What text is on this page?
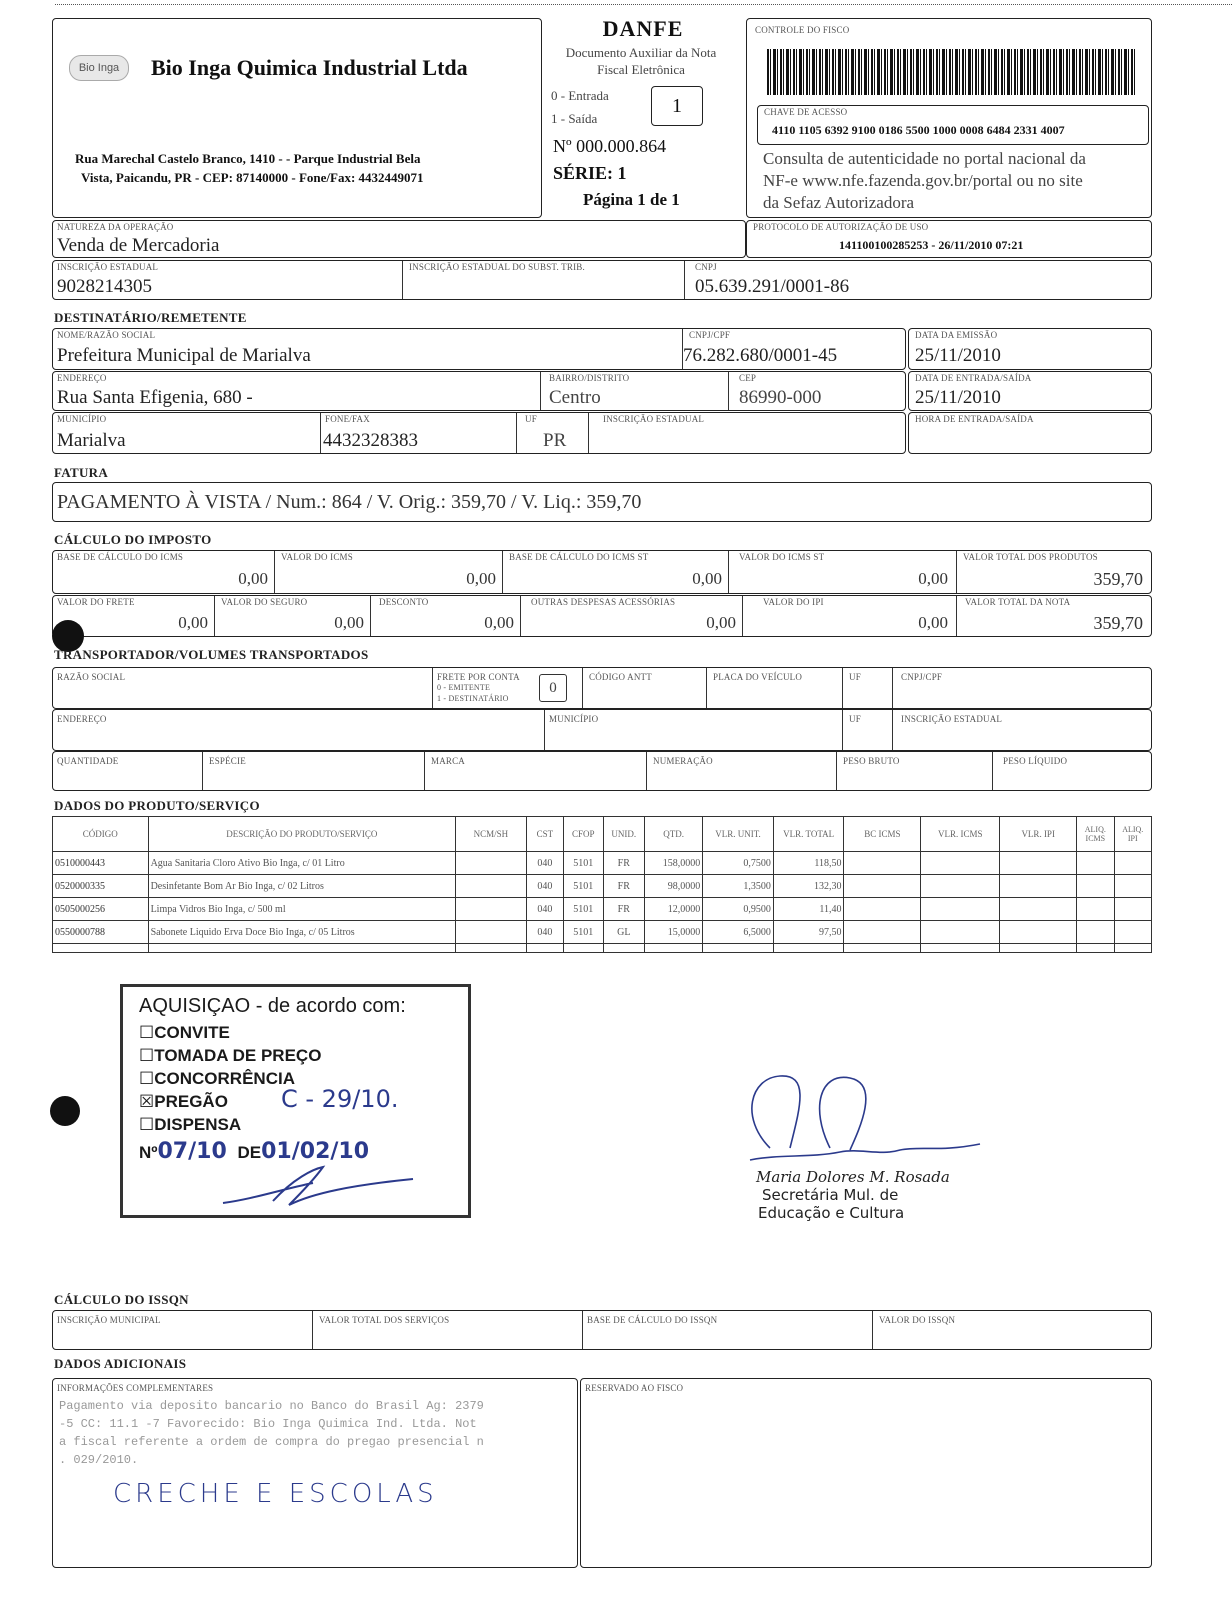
Bio Inga	Bio Inga Quimica Industrial Ltda
Rua Marechal Castelo Branco, 1410 - - Parque Industrial Bela
Vista, Paicandu, PR - CEP: 87140000 - Fone/Fax: 4432449071
DANFE
Documento Auxiliar da Nota
Fiscal Eletrônica
0 - Entrada
1 - Saída
1
Nº 000.000.864
SÉRIE: 1
Página 1 de 1
CONTROLE DO FISCO
CHAVE DE ACESSO
4110 1105 6392 9100 0186 5500 1000 0008 6484 2331 4007
Consulta de autenticidade no portal nacional da
NF-e www.nfe.fazenda.gov.br/portal ou no site
da Sefaz Autorizadora
NATUREZA DA OPERAÇÃO
Venda de Mercadoria
PROTOCOLO DE AUTORIZAÇÃO DE USO
141100100285253 - 26/11/2010 07:21
INSCRIÇÃO ESTADUAL
9028214305
INSCRIÇÃO ESTADUAL DO SUBST. TRIB.	CNPJ
05.639.291/0001-86
DESTINATÁRIO/REMETENTE
NOME/RAZÃO SOCIAL
Prefeitura Municipal de Marialva
CNPJ/CPF
76.282.680/0001-45
DATA DA EMISSÃO
25/11/2010
ENDEREÇO
Rua Santa Efigenia, 680 -
BAIRRO/DISTRITO
Centro
CEP
86990-000
DATA DE ENTRADA/SAÍDA
25/11/2010
MUNICÍPIO
Marialva
FONE/FAX
4432328383
UF
PR
INSCRIÇÃO ESTADUAL	HORA DE ENTRADA/SAÍDA
FATURA
PAGAMENTO À VISTA / Num.: 864 / V. Orig.: 359,70 / V. Liq.: 359,70
CÁLCULO DO IMPOSTO
BASE DE CÁLCULO DO ICMS
0,00
VALOR DO ICMS
0,00
BASE DE CÁLCULO DO ICMS ST
0,00
VALOR DO ICMS ST
0,00
VALOR TOTAL DOS PRODUTOS
359,70
VALOR DO FRETE
0,00
VALOR DO SEGURO
0,00
DESCONTO
0,00
OUTRAS DESPESAS ACESSÓRIAS
0,00
VALOR DO IPI
0,00
VALOR TOTAL DA NOTA
359,70
TRANSPORTADOR/VOLUMES TRANSPORTADOS
RAZÃO SOCIAL	FRETE POR CONTA
0 - EMITENTE
1 - DESTINATÁRIO
0
CÓDIGO ANTT	PLACA DO VEÍCULO	UF	CNPJ/CPF
ENDEREÇO	MUNICÍPIO	UF	INSCRIÇÃO ESTADUAL
QUANTIDADE	ESPÉCIE	MARCA	NUMERAÇÃO	PESO BRUTO	PESO LÍQUIDO
DADOS DO PRODUTO/SERVIÇO
CÓDIGO	DESCRIÇÃO DO PRODUTO/SERVIÇO	NCM/SH	CST	CFOP	UNID.	QTD.	VLR. UNIT.	VLR. TOTAL	BC ICMS	VLR. ICMS	VLR. IPI	ALIQ. ICMS	ALIQ. IPI
0510000443	Agua Sanitaria Cloro Ativo Bio Inga, c/ 01 Litro		040	5101	FR	158,0000	0,7500	118,50					
0520000335	Desinfetante Bom Ar Bio Inga, c/ 02 Litros		040	5101	FR	98,0000	1,3500	132,30					
0505000256	Limpa Vidros Bio Inga, c/ 500 ml		040	5101	FR	12,0000	0,9500	11,40					
0550000788	Sabonete Liquido Erva Doce Bio Inga, c/ 05 Litros		040	5101	GL	15,0000	6,5000	97,50					

AQUISIÇAO - de acordo com:
☐CONVITE
☐TOMADA DE PREÇO
☐CONCORRÊNCIA
☒PREGÃO C - 29/10.
☐DISPENSA
Nº07/10 DE01/02/10
Maria Dolores M. Rosada
Secretária Mul. de
Educação e Cultura
CÁLCULO DO ISSQN
INSCRIÇÃO MUNICIPAL	VALOR TOTAL DOS SERVIÇOS	BASE DE CÁLCULO DO ISSQN	VALOR DO ISSQN
DADOS ADICIONAIS
INFORMAÇÕES COMPLEMENTARES
Pagamento via deposito bancario no Banco do Brasil Ag: 2379
-5 CC: 11.1 -7 Favorecido: Bio Inga Quimica Ind. Ltda. Not
a fiscal referente a ordem de compra do pregao presencial n
. 029/2010.
CRECHE E ESCOLAS
RESERVADO AO FISCO
